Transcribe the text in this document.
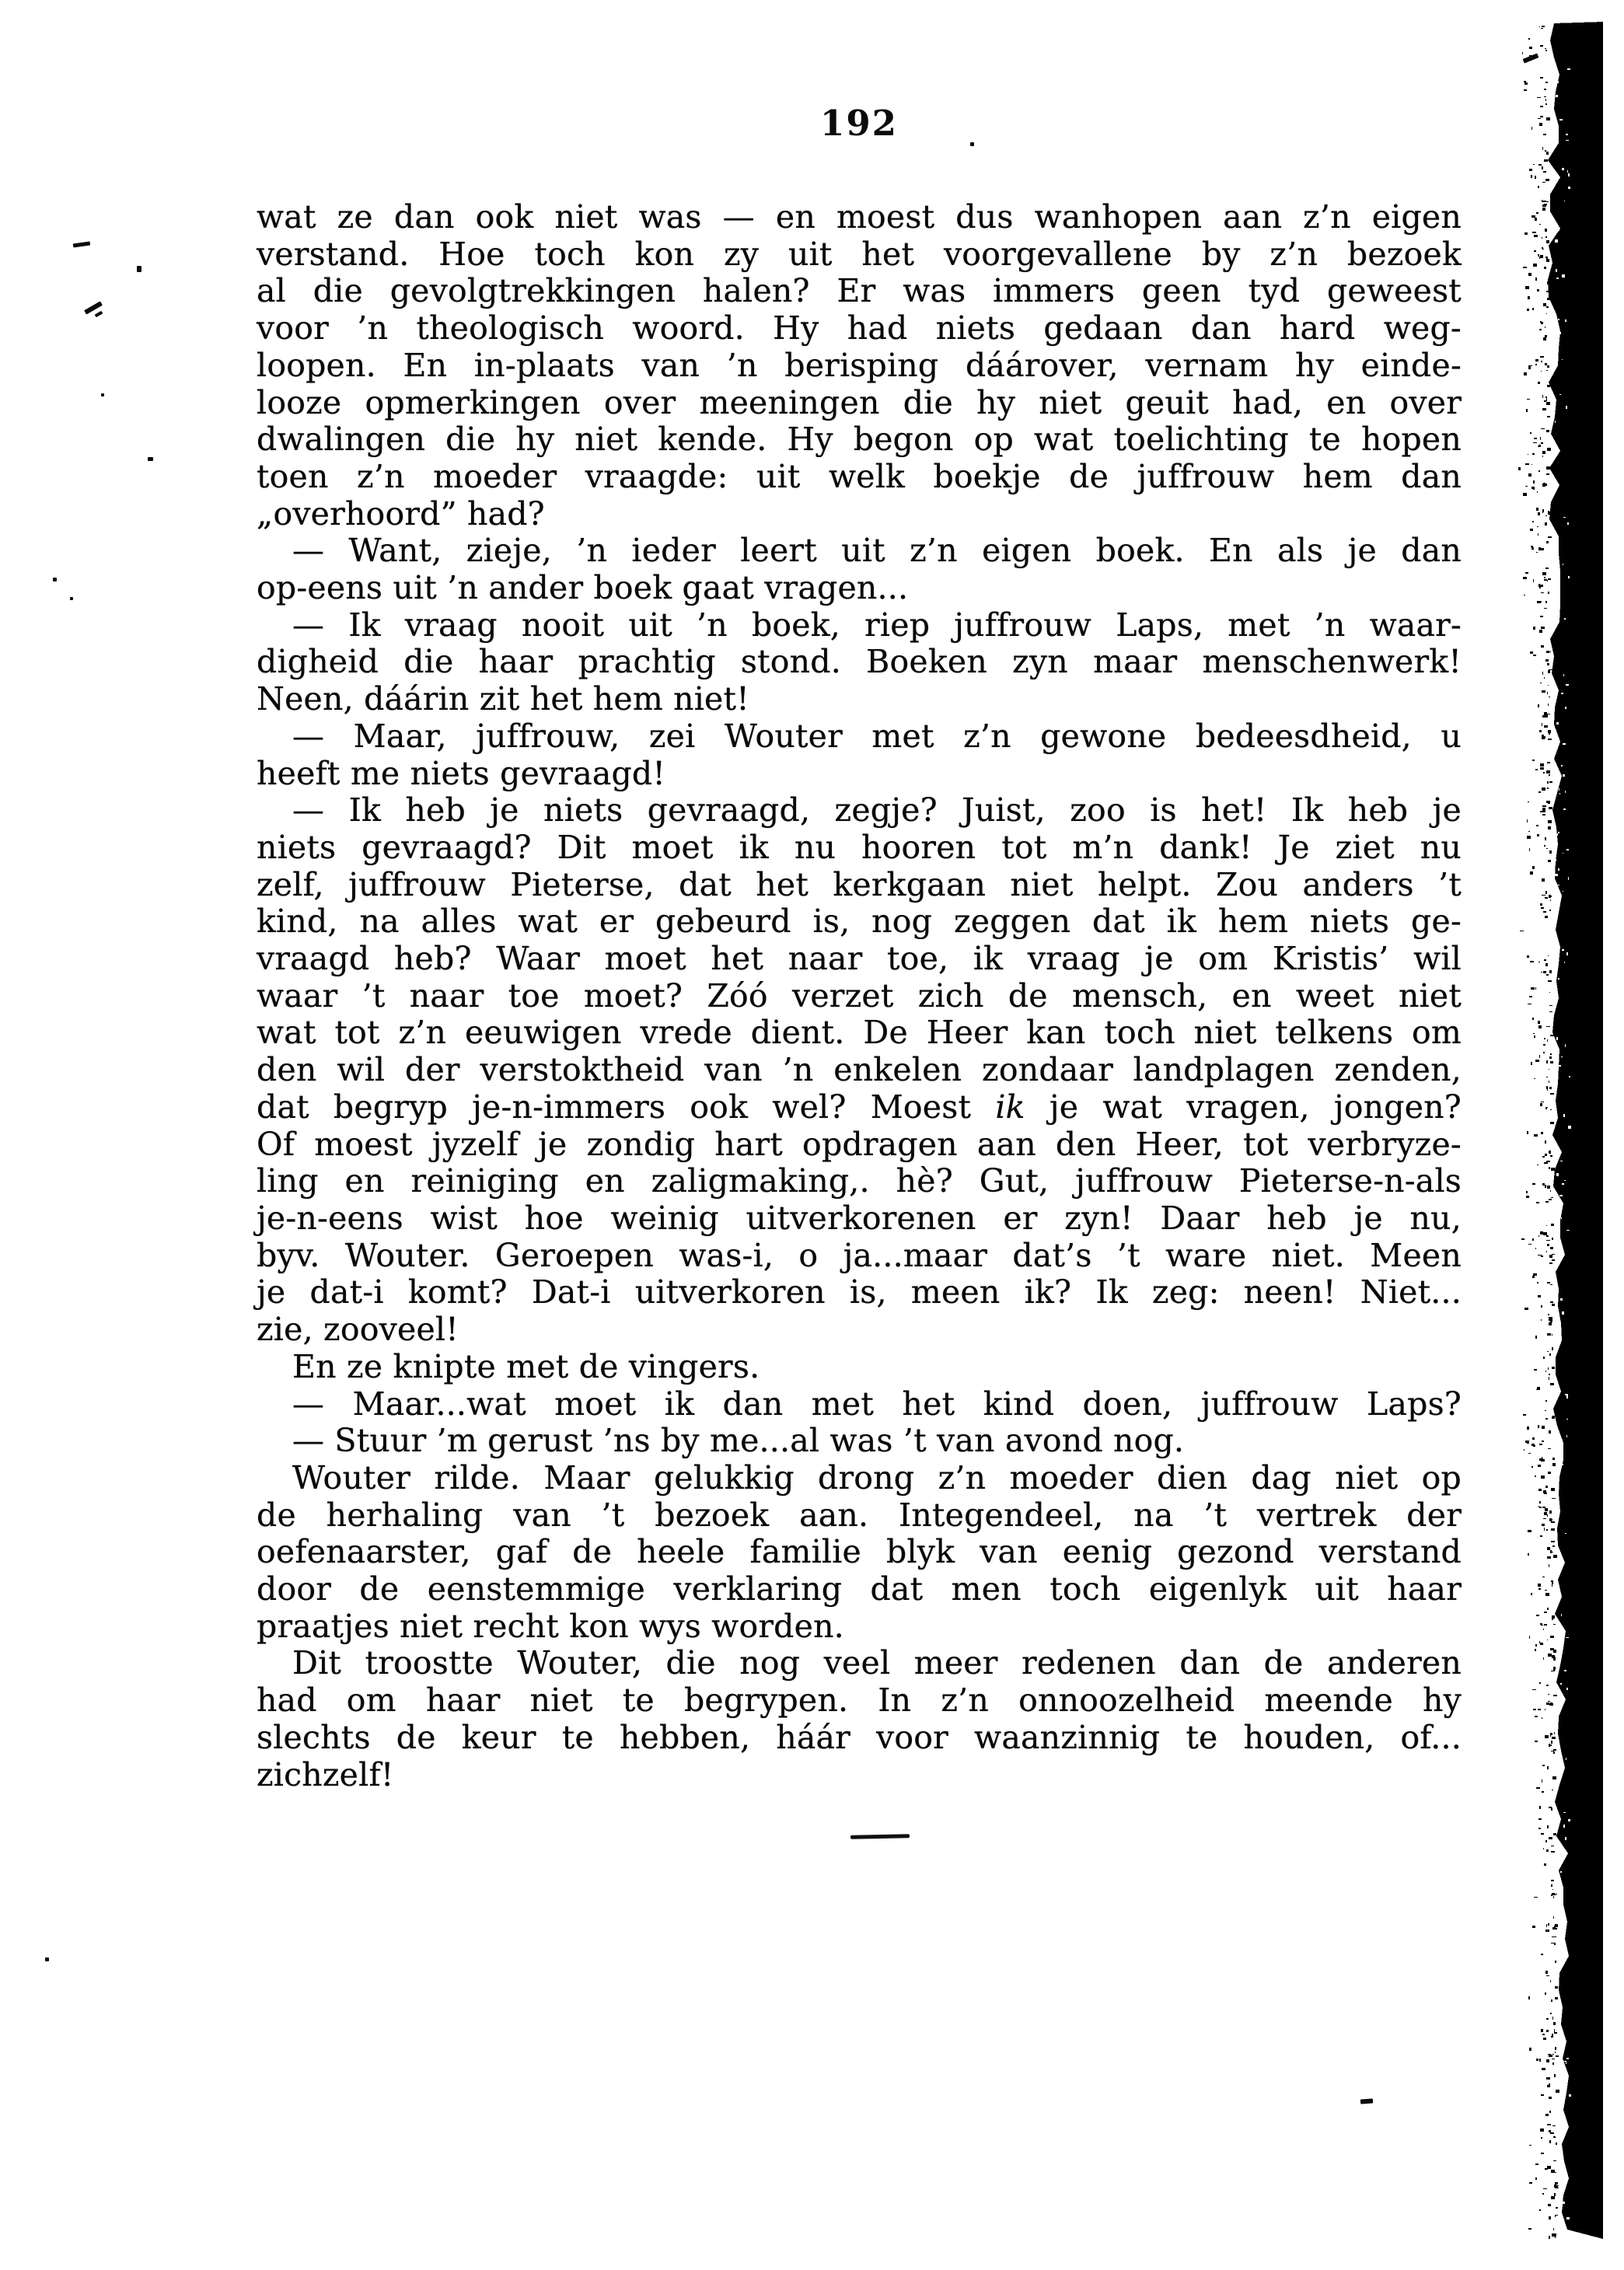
192
wat ze dan ook niet was — en moest dus wanhopen aan z’n eigen
verstand. Hoe toch kon zy uit het voorgevallene by z’n bezoek
al die gevolgtrekkingen halen? Er was immers geen tyd geweest
voor ’n theologisch woord. Hy had niets gedaan dan hard weg-
loopen. En in-plaats van ’n berisping dáárover, vernam hy einde-
looze opmerkingen over meeningen die hy niet geuit had, en over
dwalingen die hy niet kende. Hy begon op wat toelichting te hopen
toen z’n moeder vraagde: uit welk boekje de juffrouw hem dan
„overhoord” had?
— Want, zieje, ’n ieder leert uit z’n eigen boek. En als je dan
op-eens uit ’n ander boek gaat vragen...
— Ik vraag nooit uit ’n boek, riep juffrouw Laps, met ’n waar-
digheid die haar prachtig stond. Boeken zyn maar menschenwerk!
Neen, dáárin zit het hem niet!
— Maar, juffrouw, zei Wouter met z’n gewone bedeesdheid, u
heeft me niets gevraagd!
— Ik heb je niets gevraagd, zegje? Juist, zoo is het! Ik heb je
niets gevraagd? Dit moet ik nu hooren tot m’n dank! Je ziet nu
zelf, juffrouw Pieterse, dat het kerkgaan niet helpt. Zou anders ’t
kind, na alles wat er gebeurd is, nog zeggen dat ik hem niets ge-
vraagd heb? Waar moet het naar toe, ik vraag je om Kristis’ wil
waar ’t naar toe moet? Zóó verzet zich de mensch, en weet niet
wat tot z’n eeuwigen vrede dient. De Heer kan toch niet telkens om
den wil der verstoktheid van ’n enkelen zondaar landplagen zenden,
dat begryp je-n-immers ook wel? Moest ik je wat vragen, jongen?
Of moest jyzelf je zondig hart opdragen aan den Heer, tot verbryze-
ling en reiniging en zaligmaking,. hè? Gut, juffrouw Pieterse-n-als
je-n-eens wist hoe weinig uitverkorenen er zyn! Daar heb je nu,
byv. Wouter. Geroepen was-i, o ja...maar dat’s ’t ware niet. Meen
je dat-i komt? Dat-i uitverkoren is, meen ik? Ik zeg: neen! Niet...
zie, zooveel!
En ze knipte met de vingers.
— Maar...wat moet ik dan met het kind doen, juffrouw Laps?
— Stuur ’m gerust ’ns by me...al was ’t van avond nog.
Wouter rilde. Maar gelukkig drong z’n moeder dien dag niet op
de herhaling van ’t bezoek aan. Integendeel, na ’t vertrek der
oefenaarster, gaf de heele familie blyk van eenig gezond verstand
door de eenstemmige verklaring dat men toch eigenlyk uit haar
praatjes niet recht kon wys worden.
Dit troostte Wouter, die nog veel meer redenen dan de anderen
had om haar niet te begrypen. In z’n onnoozelheid meende hy
slechts de keur te hebben, háár voor waanzinnig te houden, of...
zichzelf!
